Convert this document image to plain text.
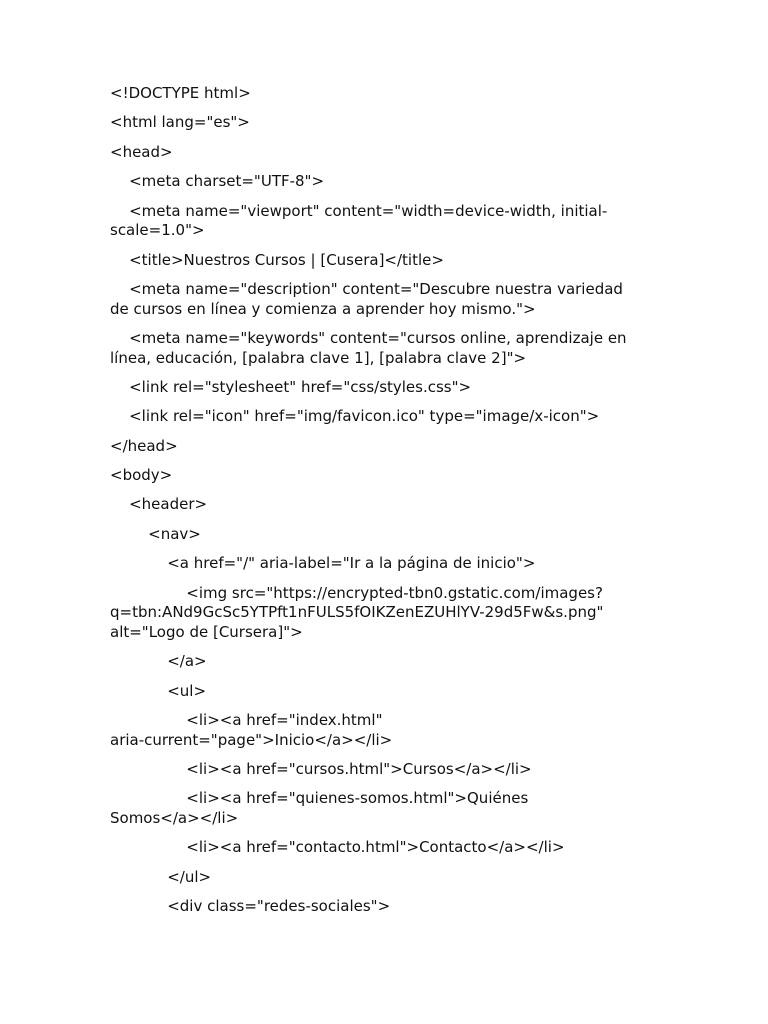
<!DOCTYPE html>

<html lang="es">

<head>

<meta charset="UTF-8">

<meta name="viewport" content="width=device-width, initial-
scale=1.0">

<title>Nuestros Cursos | [Cusera]</title>

<meta name="description" content="Descubre nuestra variedad
de cursos en línea y comienza a aprender hoy mismo.">

<meta name="keywords" content="cursos online, aprendizaje en
línea, educación, [palabra clave 1], [palabra clave 2]">

<link rel="stylesheet" href="css/styles.css">

<link rel="icon" href="img/favicon.ico" type="image/x-icon">

</head>

<body>

<header>

<nav>

<a href="/" aria-label="Ir a la página de inicio">

<img src="https://encrypted-tbn0.gstatic.com/images?
q=tbn:ANd9GcSc5YTPft1nFULS5fOIKZenEZUHlYV-29d5Fw&s.png"
alt="Logo de [Cursera]">

</a>

<ul>

<li><a href="index.html"
aria-current="page">Inicio</a></li>

<li><a href="cursos.html">Cursos</a></li>

<li><a href="quienes-somos.html">Quiénes
Somos</a></li>

<li><a href="contacto.html">Contacto</a></li>

</ul>

<div class="redes-sociales">
